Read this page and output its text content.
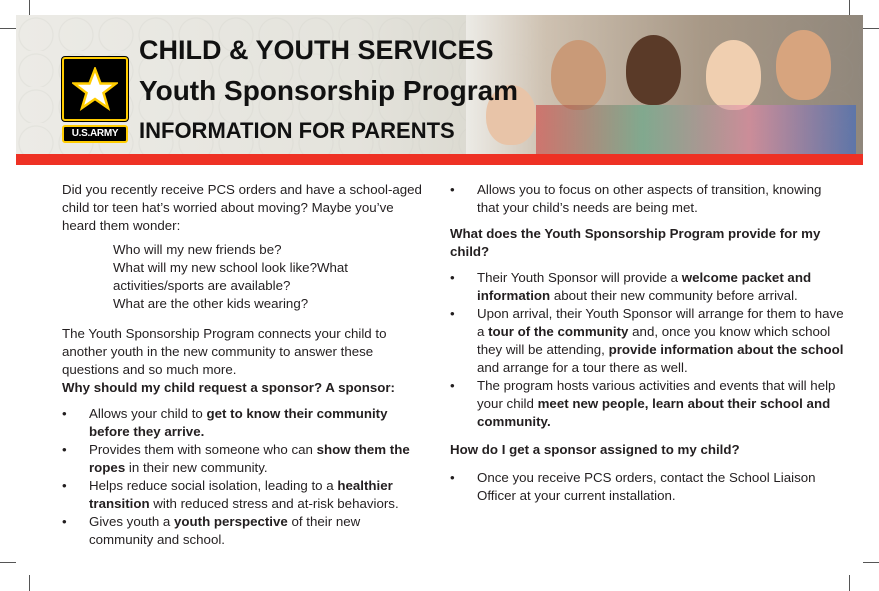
U.S.ARMY
CHILD & YOUTH SERVICES
Youth Sponsorship Program
INFORMATION FOR PARENTS

Did you recently receive PCS orders and have a school-aged child tor teen hat’s worried about moving? Maybe you’ve heard them wonder:

Who will my new friends be?

What will my new school look like?What activities/sports are available?

What are the other kids wearing?

The Youth Sponsorship Program connects your child to another youth in the new community to answer these questions and so much more.

Why should my child request a sponsor? A sponsor:

• Allows your child to get to know their community before they arrive.
• Provides them with someone who can show them the ropes in their new community.
• Helps reduce social isolation, leading to a healthier transition with reduced stress and at-risk behaviors.
• Gives youth a youth perspective of their new community and school.
• Allows you to focus on other aspects of transition, knowing that your child’s needs are being met.
What does the Youth Sponsorship Program provide for my child?
• Their Youth Sponsor will provide a welcome packet and information about their new community before arrival.
• Upon arrival, their Youth Sponsor will arrange for them to have a tour of the community and, once you know which school they will be attending, provide information about the school and arrange for a tour there as well.
• The program hosts various activities and events that will help your child meet new people, learn about their school and community.
How do I get a sponsor assigned to my child?
• Once you receive PCS orders, contact the School Liaison Officer at your current installation.
